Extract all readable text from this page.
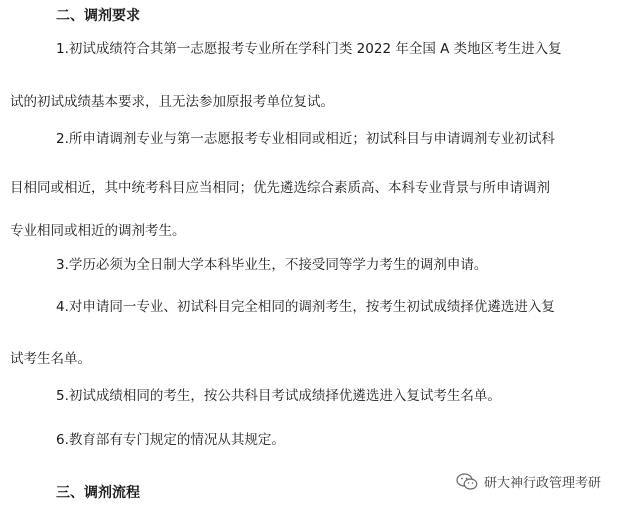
二、调剂要求
1.初试成绩符合其第一志愿报考专业所在学科门类 2022 年全国 A 类地区考生进入复
试的初试成绩基本要求，且无法参加原报考单位复试。
2.所申请调剂专业与第一志愿报考专业相同或相近；初试科目与申请调剂专业初试科
目相同或相近，其中统考科目应当相同；优先遴选综合素质高、本科专业背景与所申请调剂
专业相同或相近的调剂考生。
3.学历必须为全日制大学本科毕业生，不接受同等学力考生的调剂申请。
4.对申请同一专业、初试科目完全相同的调剂考生，按考生初试成绩择优遴选进入复
试考生名单。
5.初试成绩相同的考生，按公共科目考试成绩择优遴选进入复试考生名单。
6.教育部有专门规定的情况从其规定。
三、调剂流程
研大神行政管理考研
